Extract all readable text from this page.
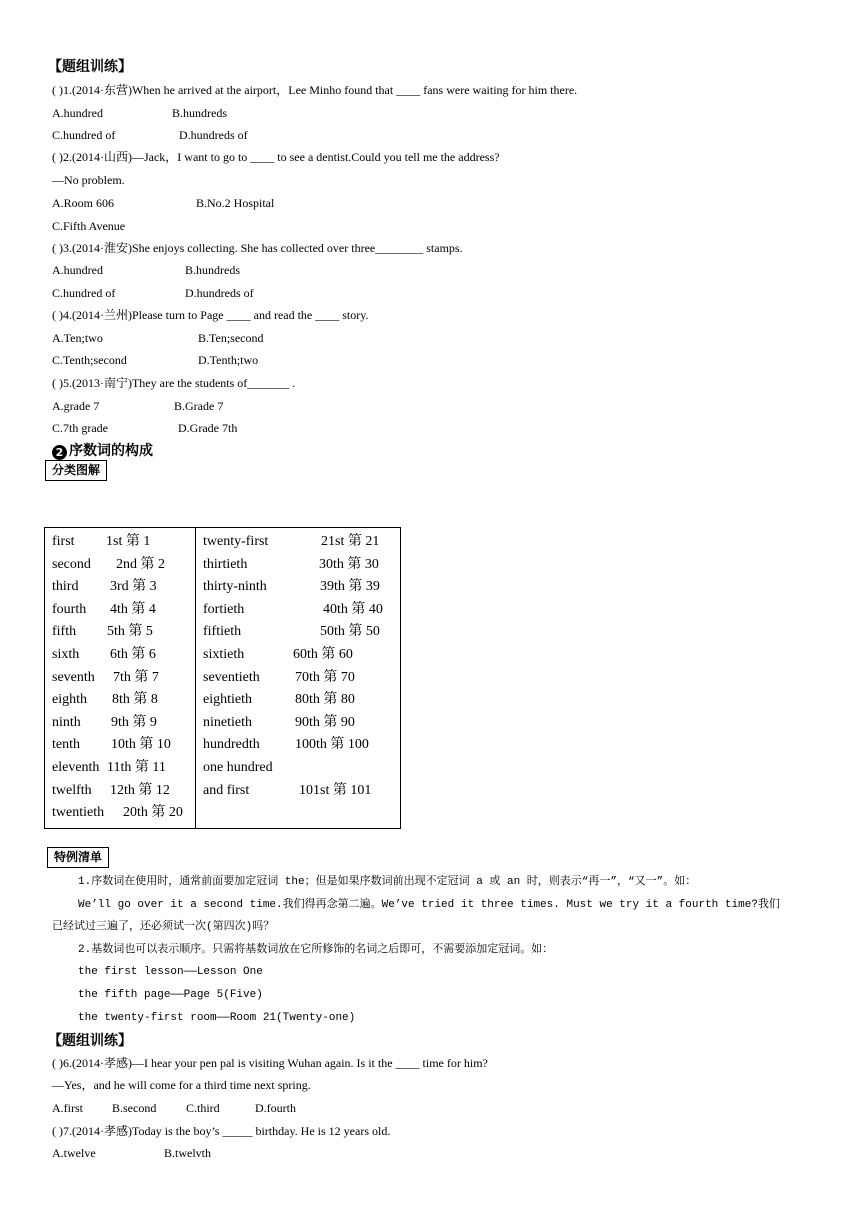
【题组训练】
( )1.(2014·东营)When he arrived at the airport，Lee Minho found that ____ fans were waiting for him there.
A.hundred	B.hundreds
C.hundred of	D.hundreds of
( )2.(2014·山西)—Jack，I want to go to ____ to see a dentist.Could you tell me the address?
—No problem.
A.Room 606	B.No.2 Hospital
C.Fifth Avenue
( )3.(2014·淮安)She enjoys collecting. She has collected over three________ stamps.
A.hundred	B.hundreds
C.hundred of	D.hundreds of
( )4.(2014·兰州)Please turn to Page ____ and read the ____ story.
A.Ten;two	B.Ten;second
C.Tenth;second	D.Tenth;two
( )5.(2013·南宁)They are the students of_______ .
A.grade 7	B.Grade 7
C.7th grade	D.Grade 7th
2 序数词的构成
分类图解
first 1st 第 1
second 2nd 第 2
third 3rd 第 3
fourth 4th 第 4
fifth 5th 第 5
sixth 6th 第 6
seventh 7th 第 7
eighth 8th 第 8
ninth 9th 第 9
tenth 10th 第 10
eleventh 11th 第 11
twelfth 12th 第 12
twentieth 20th 第 20

twenty-first	21st 第 21
thirtieth	30th 第 30
thirty-ninth	39th 第 39
fortieth	40th 第 40
fiftieth	50th 第 50
sixtieth	60th 第 60
seventieth	70th 第 70
eightieth	80th 第 80
ninetieth	90th 第 90
hundredth	100th 第 100
one hundred
and first	101st 第 101
特例清单
1.序数词在使用时，通常前面要加定冠词 the；但是如果序数词前出现不定冠词 a 或 an 时，则表示“再一”，“又一”。如：
We’ll go over it a second time.我们得再念第二遍。We’ve tried it three times. Must we try it a fourth time?我们
已经试过三遍了，还必须试一次(第四次)吗？
2.基数词也可以表示顺序。只需将基数词放在它所修饰的名词之后即可，不需要添加定冠词。如：
the first lesson——Lesson One
the fifth page——Page 5(Five)
the twenty-first room——Room 21(Twenty-one)
【题组训练】
( )6.(2014·孝感)—I hear your pen pal is visiting Wuhan again. Is it the ____ time for him?
—Yes，and he will come for a third time next spring.
A.first B.second C.third	D.fourth
( )7.(2014·孝感)Today is the boy’s _____ birthday. He is 12 years old.
A.twelve	B.twelvth
